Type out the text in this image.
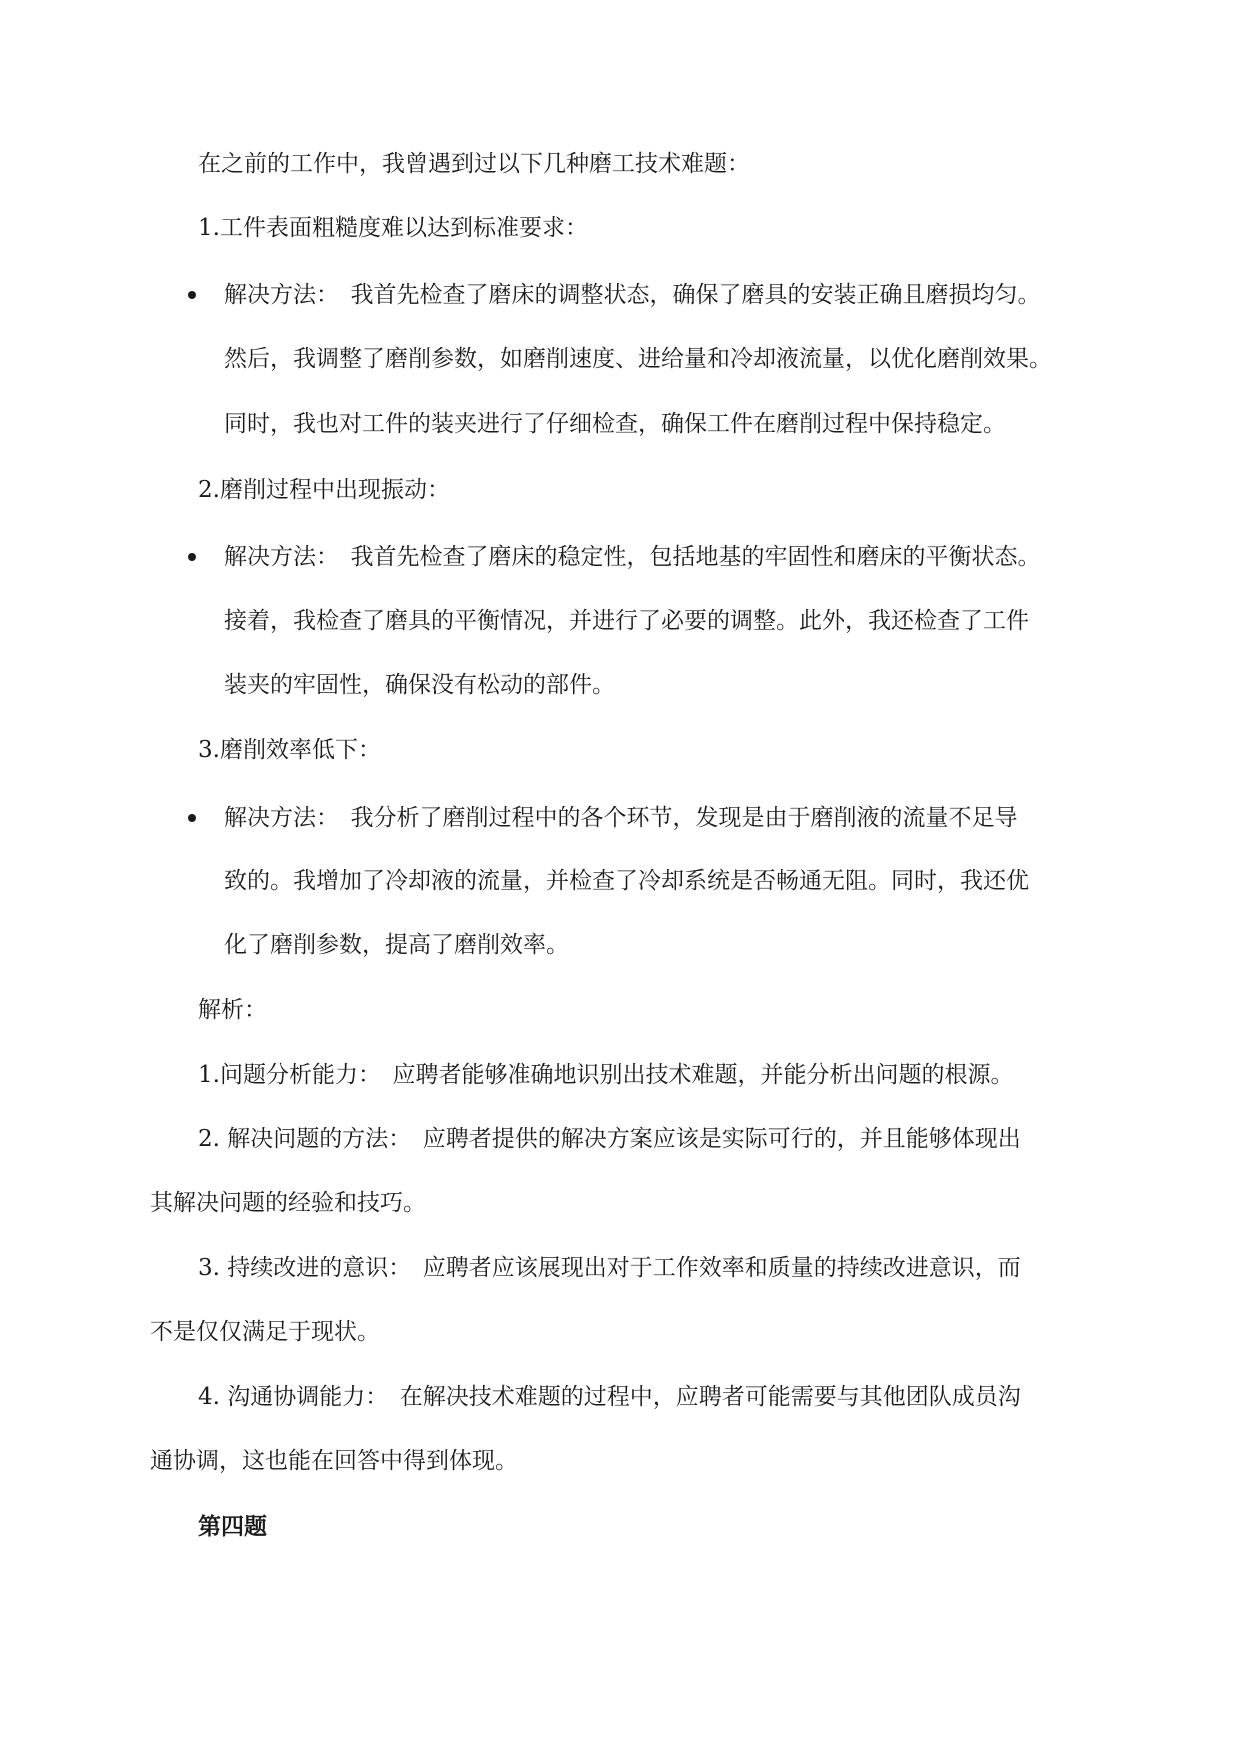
在之前的工作中，我曾遇到过以下几种磨工技术难题：
1.工件表面粗糙度难以达到标准要求：
解决方法：　我首先检查了磨床的调整状态，确保了磨具的安装正确且磨损均匀。
然后，我调整了磨削参数，如磨削速度、进给量和冷却液流量，以优化磨削效果。
同时，我也对工件的装夹进行了仔细检查，确保工件在磨削过程中保持稳定。
2.磨削过程中出现振动：
解决方法：　我首先检查了磨床的稳定性，包括地基的牢固性和磨床的平衡状态。
接着，我检查了磨具的平衡情况，并进行了必要的调整。此外，我还检查了工件
装夹的牢固性，确保没有松动的部件。
3.磨削效率低下：
解决方法：　我分析了磨削过程中的各个环节，发现是由于磨削液的流量不足导
致的。我增加了冷却液的流量，并检查了冷却系统是否畅通无阻。同时，我还优
化了磨削参数，提高了磨削效率。
解析：
1.问题分析能力：　应聘者能够准确地识别出技术难题，并能分析出问题的根源。
2. 解决问题的方法：　应聘者提供的解决方案应该是实际可行的，并且能够体现出
其解决问题的经验和技巧。
3. 持续改进的意识：　应聘者应该展现出对于工作效率和质量的持续改进意识，而
不是仅仅满足于现状。
4. 沟通协调能力：　在解决技术难题的过程中，应聘者可能需要与其他团队成员沟
通协调，这也能在回答中得到体现。
第四题
